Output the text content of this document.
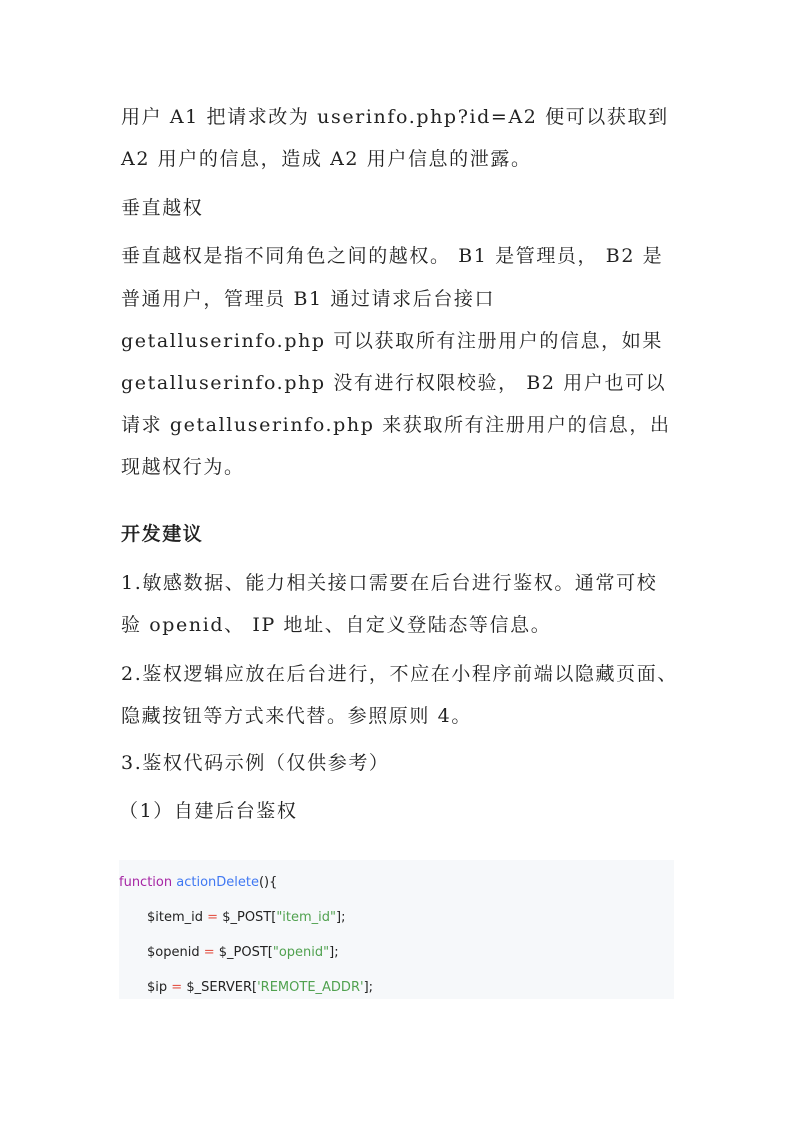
用户 A1 把请求改为 userinfo.php?id=A2 便可以获取到
A2 用户的信息，造成 A2 用户信息的泄露。
垂直越权
垂直越权是指不同角色之间的越权。 B1 是管理员， B2 是
普通用户，管理员 B1 通过请求后台接口
getalluserinfo.php 可以获取所有注册用户的信息，如果
getalluserinfo.php 没有进行权限校验， B2 用户也可以
请求 getalluserinfo.php 来获取所有注册用户的信息，出
现越权行为。
开发建议
1.敏感数据、能力相关接口需要在后台进行鉴权。通常可校
验 openid、 IP 地址、自定义登陆态等信息。
2.鉴权逻辑应放在后台进行，不应在小程序前端以隐藏页面、
隐藏按钮等方式来代替。参照原则 4。
3.鉴权代码示例（仅供参考）
（1）自建后台鉴权
function actionDelete(){
$item_id = $_POST["item_id"];
$openid = $_POST["openid"];
$ip = $_SERVER['REMOTE_ADDR'];
